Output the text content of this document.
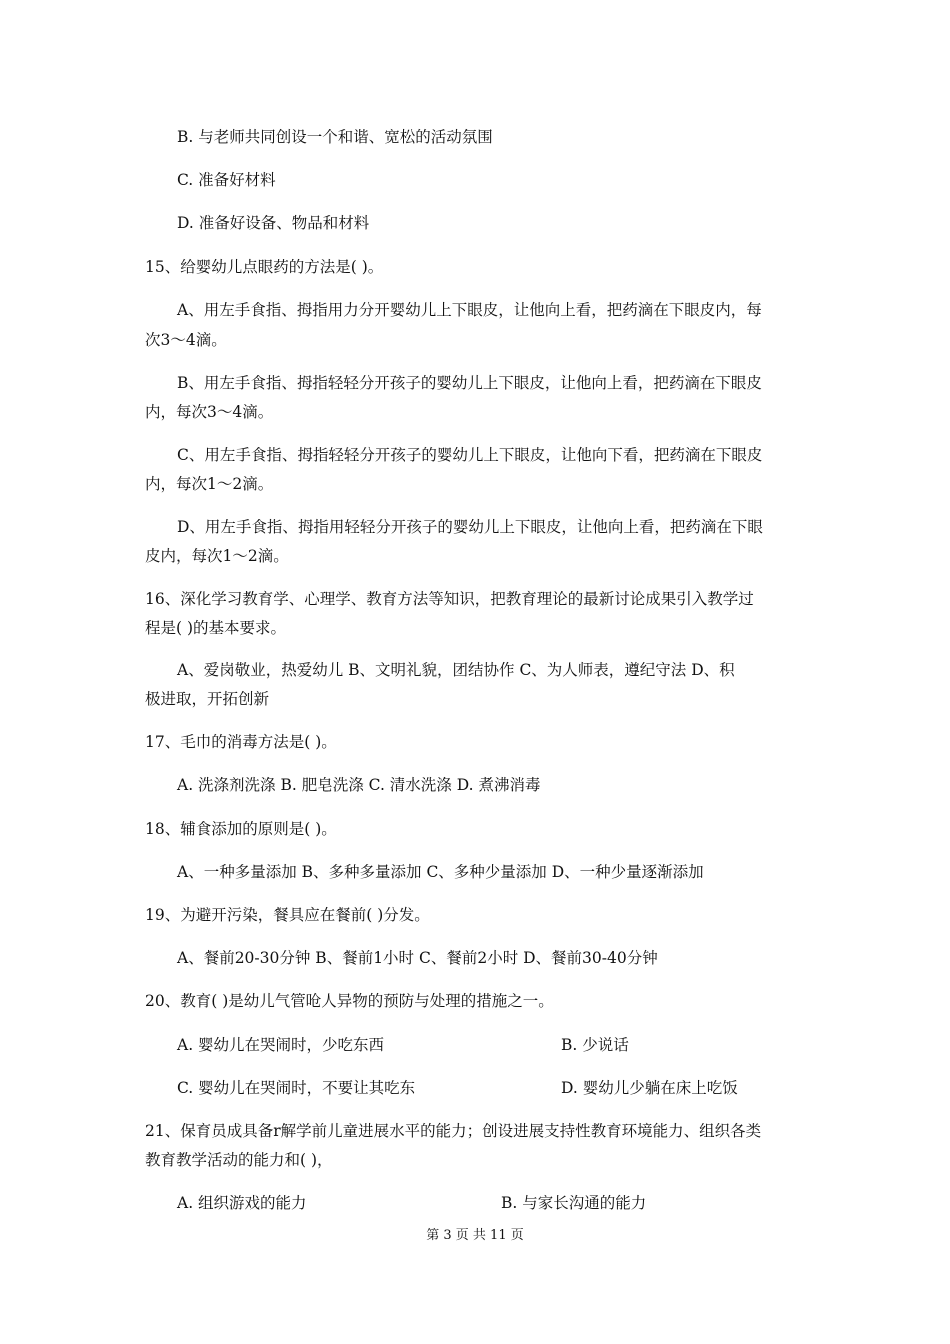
B. 与老师共同创设一个和谐、宽松的活动氛围
C. 准备好材料
D. 准备好设备、物品和材料
15、给婴幼儿点眼药的方法是( )。
A、用左手食指、拇指用力分开婴幼儿上下眼皮，让他向上看，把药滴在下眼皮内，每
次3～4滴。
B、用左手食指、拇指轻轻分开孩子的婴幼儿上下眼皮，让他向上看，把药滴在下眼皮
内，每次3～4滴。
C、用左手食指、拇指轻轻分开孩子的婴幼儿上下眼皮，让他向下看，把药滴在下眼皮
内，每次1～2滴。
D、用左手食指、拇指用轻轻分开孩子的婴幼儿上下眼皮，让他向上看，把药滴在下眼
皮内，每次1～2滴。
16、深化学习教育学、心理学、教育方法等知识，把教育理论的最新讨论成果引入教学过
程是( )的基本要求。
A、爱岗敬业，热爱幼儿 B、文明礼貌，团结协作 C、为人师表，遵纪守法 D、积
极进取，开拓创新
17、毛巾的消毒方法是( )。
A. 洗涤剂洗涤 B. 肥皂洗涤 C. 清水洗涤 D. 煮沸消毒
18、辅食添加的原则是( )。
A、一种多量添加 B、多种多量添加 C、多种少量添加 D、一种少量逐渐添加
19、为避开污染，餐具应在餐前( )分发。
A、餐前20-30分钟 B、餐前1小时 C、餐前2小时 D、餐前30-40分钟
20、教育( )是幼儿气管呛人异物的预防与处理的措施之一。
A. 婴幼儿在哭闹时，少吃东西	B. 少说话
C. 婴幼儿在哭闹时，不要让其吃东	D. 婴幼儿少躺在床上吃饭
21、保育员成具备r解学前儿童进展水平的能力；创设进展支持性教育环境能力、组织各类
教育教学活动的能力和( )，
A. 组织游戏的能力	B. 与家长沟通的能力
第 3 页 共 11 页
